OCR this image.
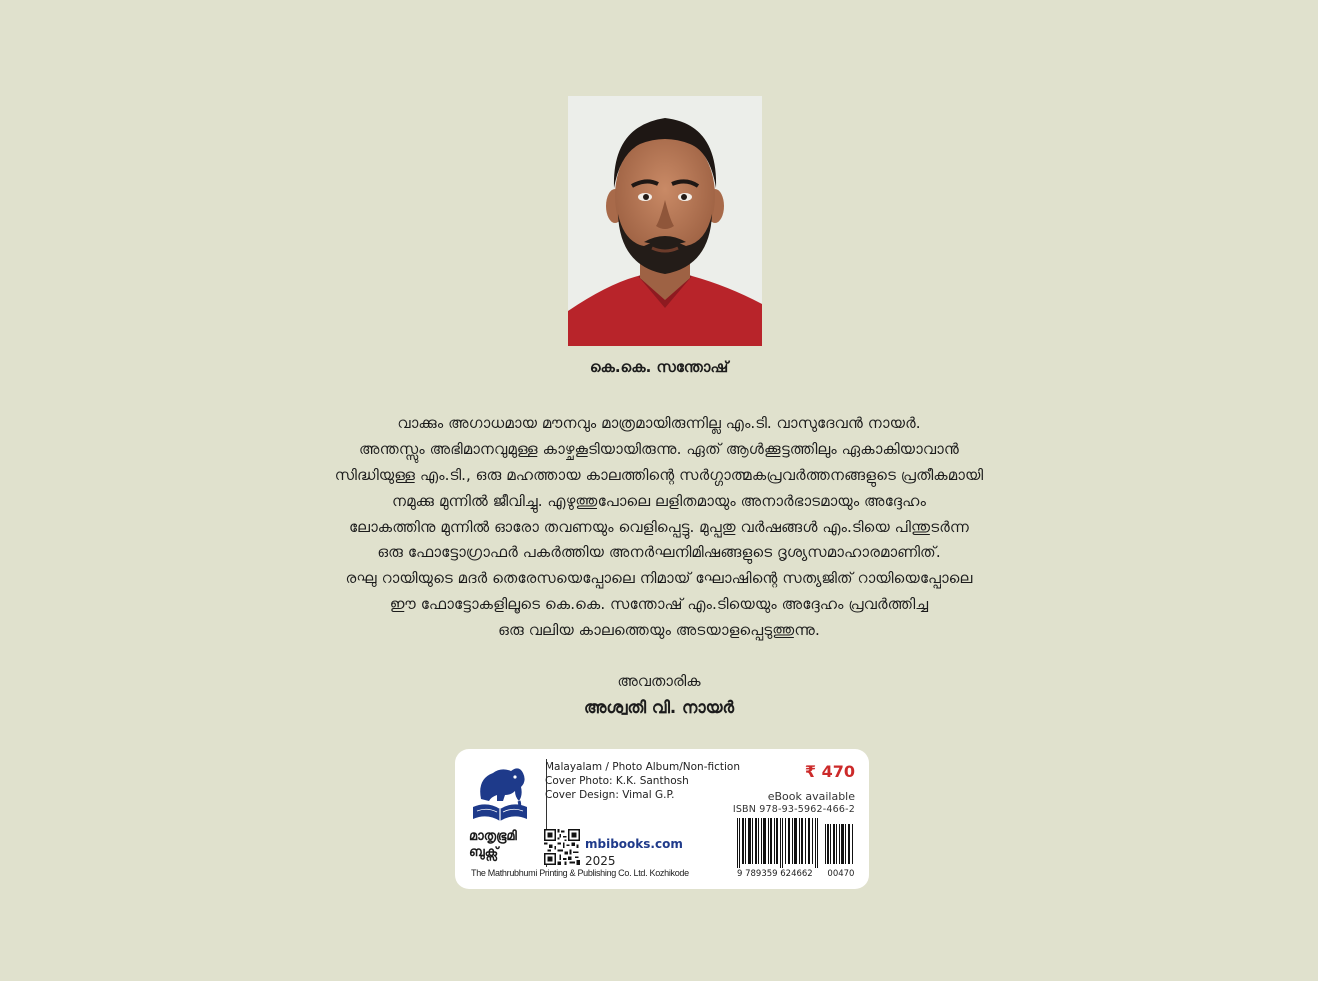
കെ.കെ. സന്തോഷ്
വാക്കും അഗാധമായ മൗനവും മാത്രമായിരുന്നില്ല എം.ടി. വാസുദേവൻ നായർ.
അന്തസ്സും അഭിമാനവുമുള്ള കാഴ്ചകൂടിയായിരുന്നു. ഏത് ആൾക്കൂട്ടത്തിലും ഏകാകിയാവാൻ
സിദ്ധിയുള്ള എം.ടി., ഒരു മഹത്തായ കാലത്തിന്റെ സർഗ്ഗാത്മകപ്രവർത്തനങ്ങളുടെ പ്രതീകമായി
നമുക്കു മുന്നിൽ ജീവിച്ചു. എഴുത്തുപോലെ ലളിതമായും അനാർഭാടമായും അദ്ദേഹം
ലോകത്തിനു മുന്നിൽ ഓരോ തവണയും വെളിപ്പെട്ടു. മുപ്പതു വർഷങ്ങൾ എം.ടിയെ പിന്തുടർന്ന
ഒരു ഫോട്ടോഗ്രാഫർ പകർത്തിയ അനർഘനിമിഷങ്ങളുടെ ദൃശ്യസമാഹാരമാണിത്.
രഘു റായിയുടെ മദർ തെരേസയെപ്പോലെ നിമായ് ഘോഷിന്റെ സത്യജിത് റായിയെപ്പോലെ
ഈ ഫോട്ടോകളിലൂടെ കെ.കെ. സന്തോഷ് എം.ടിയെയും അദ്ദേഹം പ്രവർത്തിച്ച
ഒരു വലിയ കാലത്തെയും അടയാളപ്പെടുത്തുന്നു.
അവതാരിക
അശ്വതി വി. നായർ
മാതൃഭൂമി
ബുക്സ്
The Mathrubhumi Printing & Publishing Co. Ltd. Kozhikode
Malayalam / Photo Album/Non-fiction
Cover Photo: K.K. Santhosh
Cover Design: Vimal G.P.
mbibooks.com
2025
₹ 470
eBook available
ISBN 978-93-5962-466-2
9 789359 624662 00470
